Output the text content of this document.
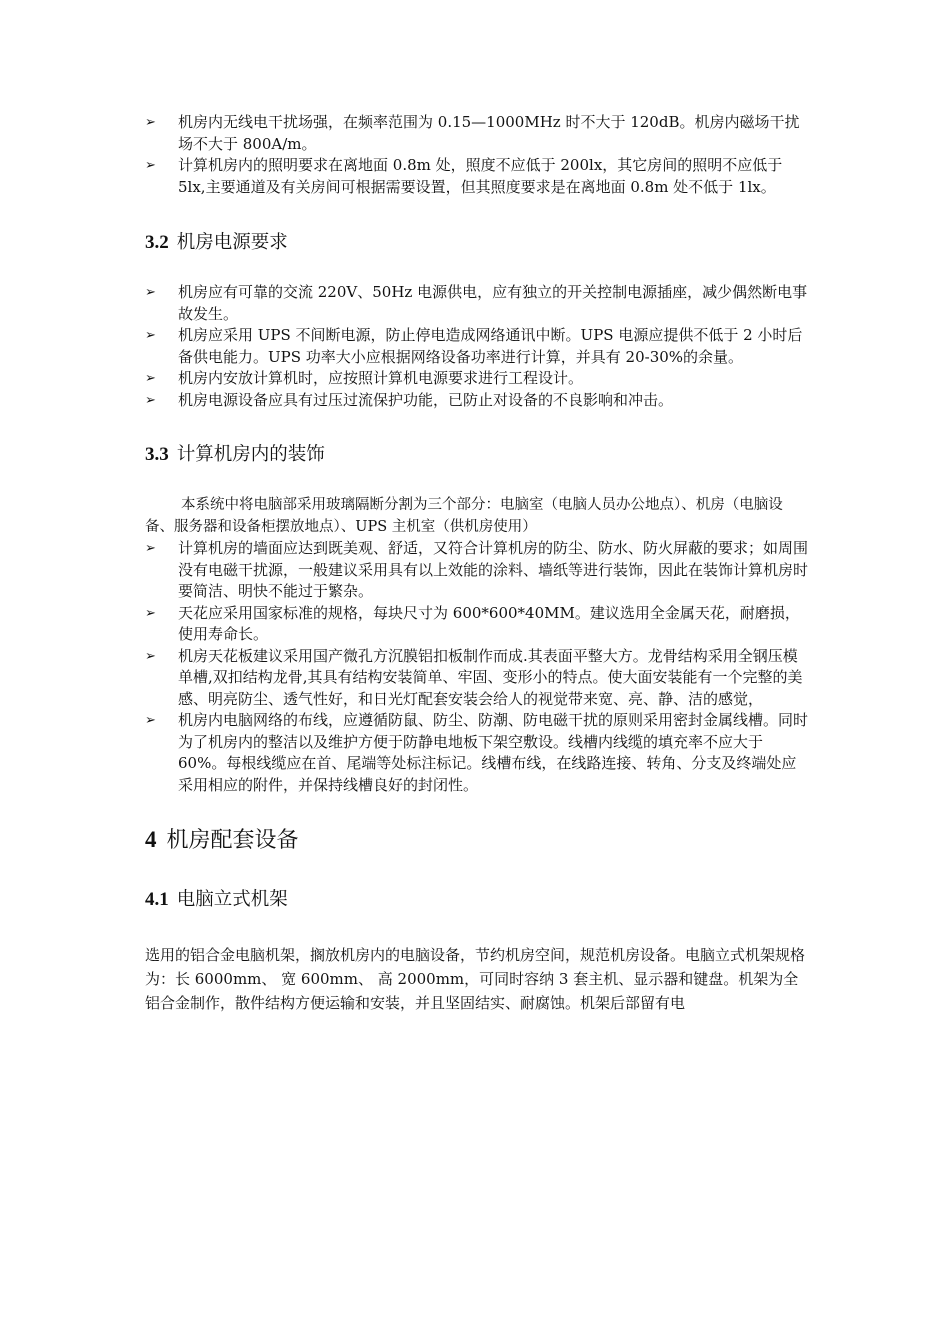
➢ 机房内无线电干扰场强，在频率范围为 0.15—1000MHz 时不大于 120dB。机房内磁场干扰场不大于 800A/m。
➢ 计算机房内的照明要求在离地面 0.8m 处，照度不应低于 200lx，其它房间的照明不应低于 5lx,主要通道及有关房间可根据需要设置，但其照度要求是在离地面 0.8m 处不低于 1lx。
3.2 机房电源要求
➢ 机房应有可靠的交流 220V、50Hz 电源供电，应有独立的开关控制电源插座，减少偶然断电事故发生。
➢ 机房应采用 UPS 不间断电源，防止停电造成网络通讯中断。UPS 电源应提供不低于 2 小时后备供电能力。UPS 功率大小应根据网络设备功率进行计算，并具有 20-30%的余量。
➢ 机房内安放计算机时，应按照计算机电源要求进行工程设计。
➢ 机房电源设备应具有过压过流保护功能，已防止对设备的不良影响和冲击。
3.3 计算机房内的装饰

本系统中将电脑部采用玻璃隔断分割为三个部分：电脑室（电脑人员办公地点）、机房（电脑设备、服务器和设备柜摆放地点）、UPS 主机室（供机房使用）

➢ 计算机房的墙面应达到既美观、舒适，又符合计算机房的防尘、防水、防火屏蔽的要求；如周围没有电磁干扰源，一般建议采用具有以上效能的涂料、墙纸等进行装饰，因此在装饰计算机房时要简洁、明快不能过于繁杂。
➢ 天花应采用国家标准的规格，每块尺寸为 600*600*40MM。建议选用全金属天花，耐磨损，使用寿命长。
➢ 机房天花板建议采用国产微孔方沉膜铝扣板制作而成.其表面平整大方。龙骨结构采用全钢压模单槽,双扣结构龙骨,其具有结构安装简单、牢固、变形小的特点。使大面安装能有一个完整的美感、明亮防尘、透气性好，和日光灯配套安装会给人的视觉带来宽、亮、静、洁的感觉，
➢ 机房内电脑网络的布线，应遵循防鼠、防尘、防潮、防电磁干扰的原则采用密封金属线槽。同时为了机房内的整洁以及维护方便于防静电地板下架空敷设。线槽内线缆的填充率不应大于 60%。每根线缆应在首、尾端等处标注标记。线槽布线，在线路连接、转角、分支及终端处应采用相应的附件，并保持线槽良好的封闭性。
4 机房配套设备
4.1 电脑立式机架

选用的铝合金电脑机架，搁放机房内的电脑设备，节约机房空间，规范机房设备。电脑立式机架规格为：长 6000mm、 宽 600mm、 高 2000mm，可同时容纳 3 套主机、显示器和键盘。机架为全铝合金制作，散件结构方便运输和安装，并且坚固结实、耐腐蚀。机架后部留有电
